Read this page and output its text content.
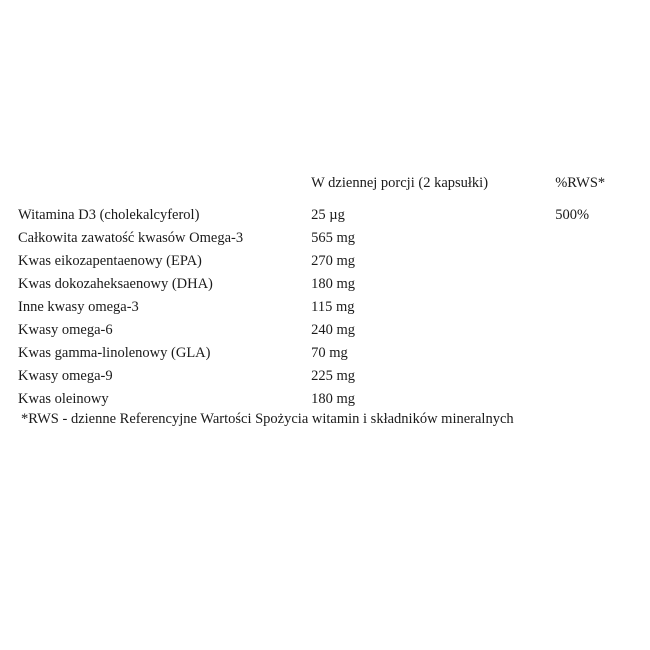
	W dziennej porcji (2 kapsułki)	%RWS*
Witamina D3 (cholekalcyferol)	25 µg	500%
Całkowita zawatość kwasów Omega-3	565 mg	
Kwas eikozapentaenowy (EPA)	270 mg	
Kwas dokozaheksaenowy (DHA)	180 mg	
Inne kwasy omega-3	115 mg	
Kwasy omega-6	240 mg	
Kwas gamma-linolenowy (GLA)	70 mg	
Kwasy omega-9	225 mg	
Kwas oleinowy	180 mg	
*RWS - dzienne Referencyjne Wartości Spożycia witamin i składników mineralnych
